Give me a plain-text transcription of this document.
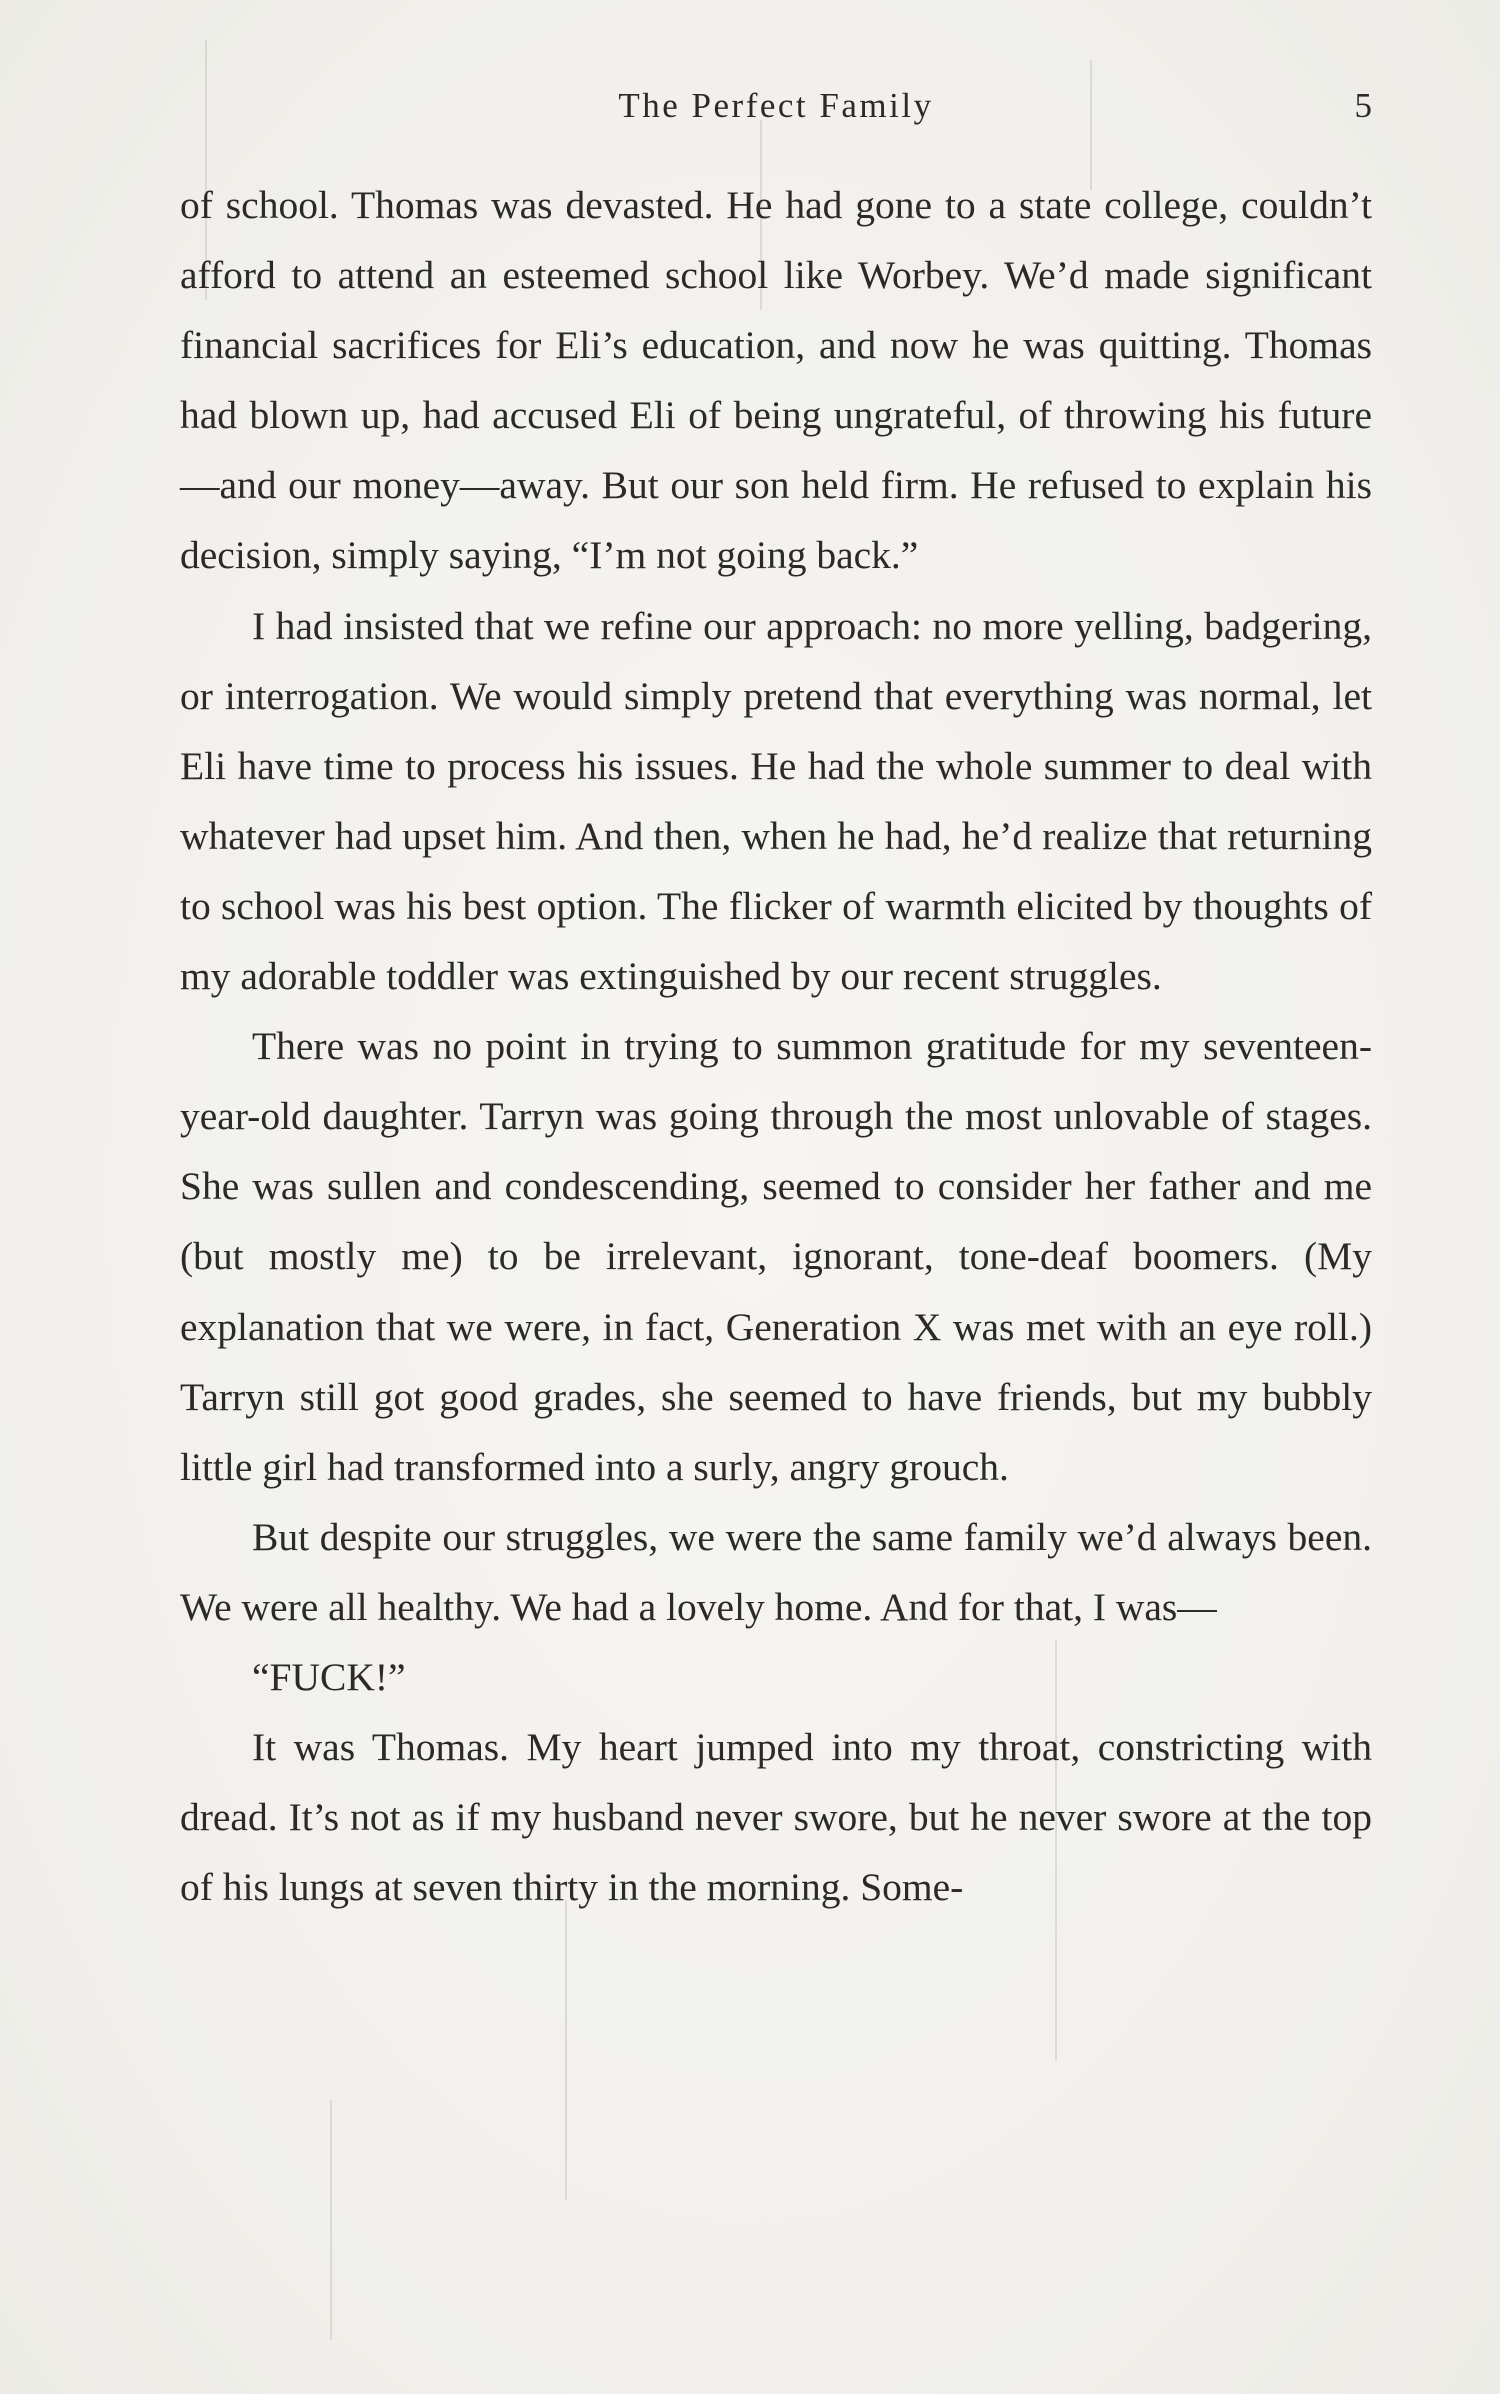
The Perfect Family	5

of school. Thomas was devasted. He had gone to a state college, couldn’t afford to attend an esteemed school like Worbey. We’d made significant financial sacrifices for Eli’s education, and now he was quitting. Thomas had blown up, had accused Eli of being ungrateful, of throwing his future—and our money—away. But our son held firm. He refused to explain his decision, simply saying, “I’m not going back.”

I had insisted that we refine our approach: no more yelling, badgering, or interrogation. We would simply pretend that everything was normal, let Eli have time to process his issues. He had the whole summer to deal with whatever had upset him. And then, when he had, he’d realize that returning to school was his best option. The flicker of warmth elicited by thoughts of my adorable toddler was extinguished by our recent struggles.

There was no point in trying to summon gratitude for my seventeen-year-old daughter. Tarryn was going through the most unlovable of stages. She was sullen and condescending, seemed to consider her father and me (but mostly me) to be irrelevant, ignorant, tone-deaf boomers. (My explanation that we were, in fact, Generation X was met with an eye roll.) Tarryn still got good grades, she seemed to have friends, but my bubbly little girl had transformed into a surly, angry grouch.

But despite our struggles, we were the same family we’d always been. We were all healthy. We had a lovely home. And for that, I was—

“FUCK!”

It was Thomas. My heart jumped into my throat, constricting with dread. It’s not as if my husband never swore, but he never swore at the top of his lungs at seven thirty in the morning. Some-
